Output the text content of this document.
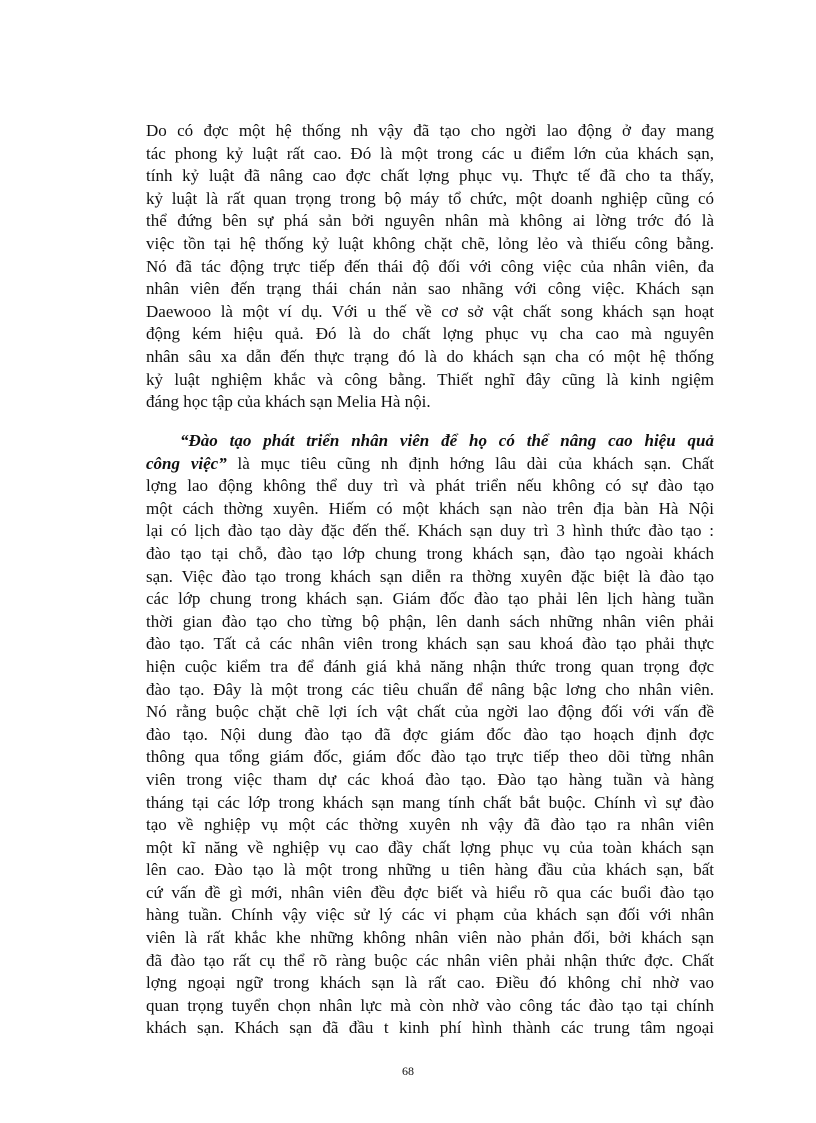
Do có đợc một hệ thống nh vậy đã tạo cho ngời lao động ở đay mang
tác phong kỷ luật rất cao. Đó là một trong các u điểm lớn của khách sạn,
tính kỷ luật đã nâng cao đợc chất lợng phục vụ. Thực tế đã cho ta thấy,
kỷ luật là rất quan trọng trong bộ máy tổ chức, một doanh nghiệp cũng có
thể đứng bên sự phá sản bởi nguyên nhân mà không ai lờng trớc đó là
việc tồn tại hệ thống kỷ luật không chặt chẽ, lỏng lẻo và thiếu công bằng.
Nó đã tác động trực tiếp đến thái độ đối với công việc của nhân viên, đa
nhân viên đến trạng thái chán nản sao nhãng với công việc. Khách sạn
Daewooo là một ví dụ. Với u thế về cơ sở vật chất song khách sạn hoạt
động kém hiệu quả. Đó là do chất lợng phục vụ cha cao mà nguyên
nhân sâu xa dẫn đến thực trạng đó là do khách sạn cha có một hệ thống
kỷ luật nghiệm khắc và công bằng. Thiết nghĩ đây cũng là kinh ngiệm
đáng học tập của khách sạn Melia Hà nội.
“Đào tạo phát triển nhân viên để họ có thể nâng cao hiệu quả
công việc” là mục tiêu cũng nh định hớng lâu dài của khách sạn. Chất
lợng lao động không thể duy trì và phát triển nếu không có sự đào tạo
một cách thờng xuyên. Hiếm có một khách sạn nào trên địa bàn Hà Nội
lại có lịch đào tạo dày đặc đến thế. Khách sạn duy trì 3 hình thức đào tạo :
đào tạo tại chỗ, đào tạo lớp chung trong khách sạn, đào tạo ngoài khách
sạn. Việc đào tạo trong khách sạn diễn ra thờng xuyên đặc biệt là đào tạo
các lớp chung trong khách sạn. Giám đốc đào tạo phải lên lịch hàng tuần
thời gian đào tạo cho từng bộ phận, lên danh sách những nhân viên phải
đào tạo. Tất cả các nhân viên trong khách sạn sau khoá đào tạo phải thực
hiện cuộc kiểm tra để đánh giá khả năng nhận thức trong quan trọng đợc
đào tạo. Đây là một trong các tiêu chuẩn để nâng bậc lơng cho nhân viên.
Nó rằng buộc chặt chẽ lợi ích vật chất của ngời lao động đối với vấn đề
đào tạo. Nội dung đào tạo đã đợc giám đốc đào tạo hoạch định đợc
thông qua tổng giám đốc, giám đốc đào tạo trực tiếp theo dõi từng nhân
viên trong việc tham dự các khoá đào tạo. Đào tạo hàng tuần và hàng
tháng tại các lớp trong khách sạn mang tính chất bắt buộc. Chính vì sự đào
tạo về nghiệp vụ một các thờng xuyên nh vậy đã đào tạo ra nhân viên
một kĩ năng về nghiệp vụ cao đầy chất lợng phục vụ của toàn khách sạn
lên cao. Đào tạo là một trong những u tiên hàng đầu của khách sạn, bất
cứ vấn đề gì mới, nhân viên đều đợc biết và hiểu rõ qua các buổi đào tạo
hàng tuần. Chính vậy việc sử lý các vi phạm của khách sạn đối với nhân
viên là rất khắc khe những không nhân viên nào phản đối, bởi khách sạn
đã đào tạo rất cụ thể rõ ràng buộc các nhân viên phải nhận thức đợc. Chất
lợng ngoại ngữ trong khách sạn là rất cao. Điều đó không chỉ nhờ vao
quan trọng tuyển chọn nhân lực mà còn nhờ vào công tác đào tạo tại chính
khách sạn. Khách sạn đã đầu t kinh phí hình thành các trung tâm ngoại
68
